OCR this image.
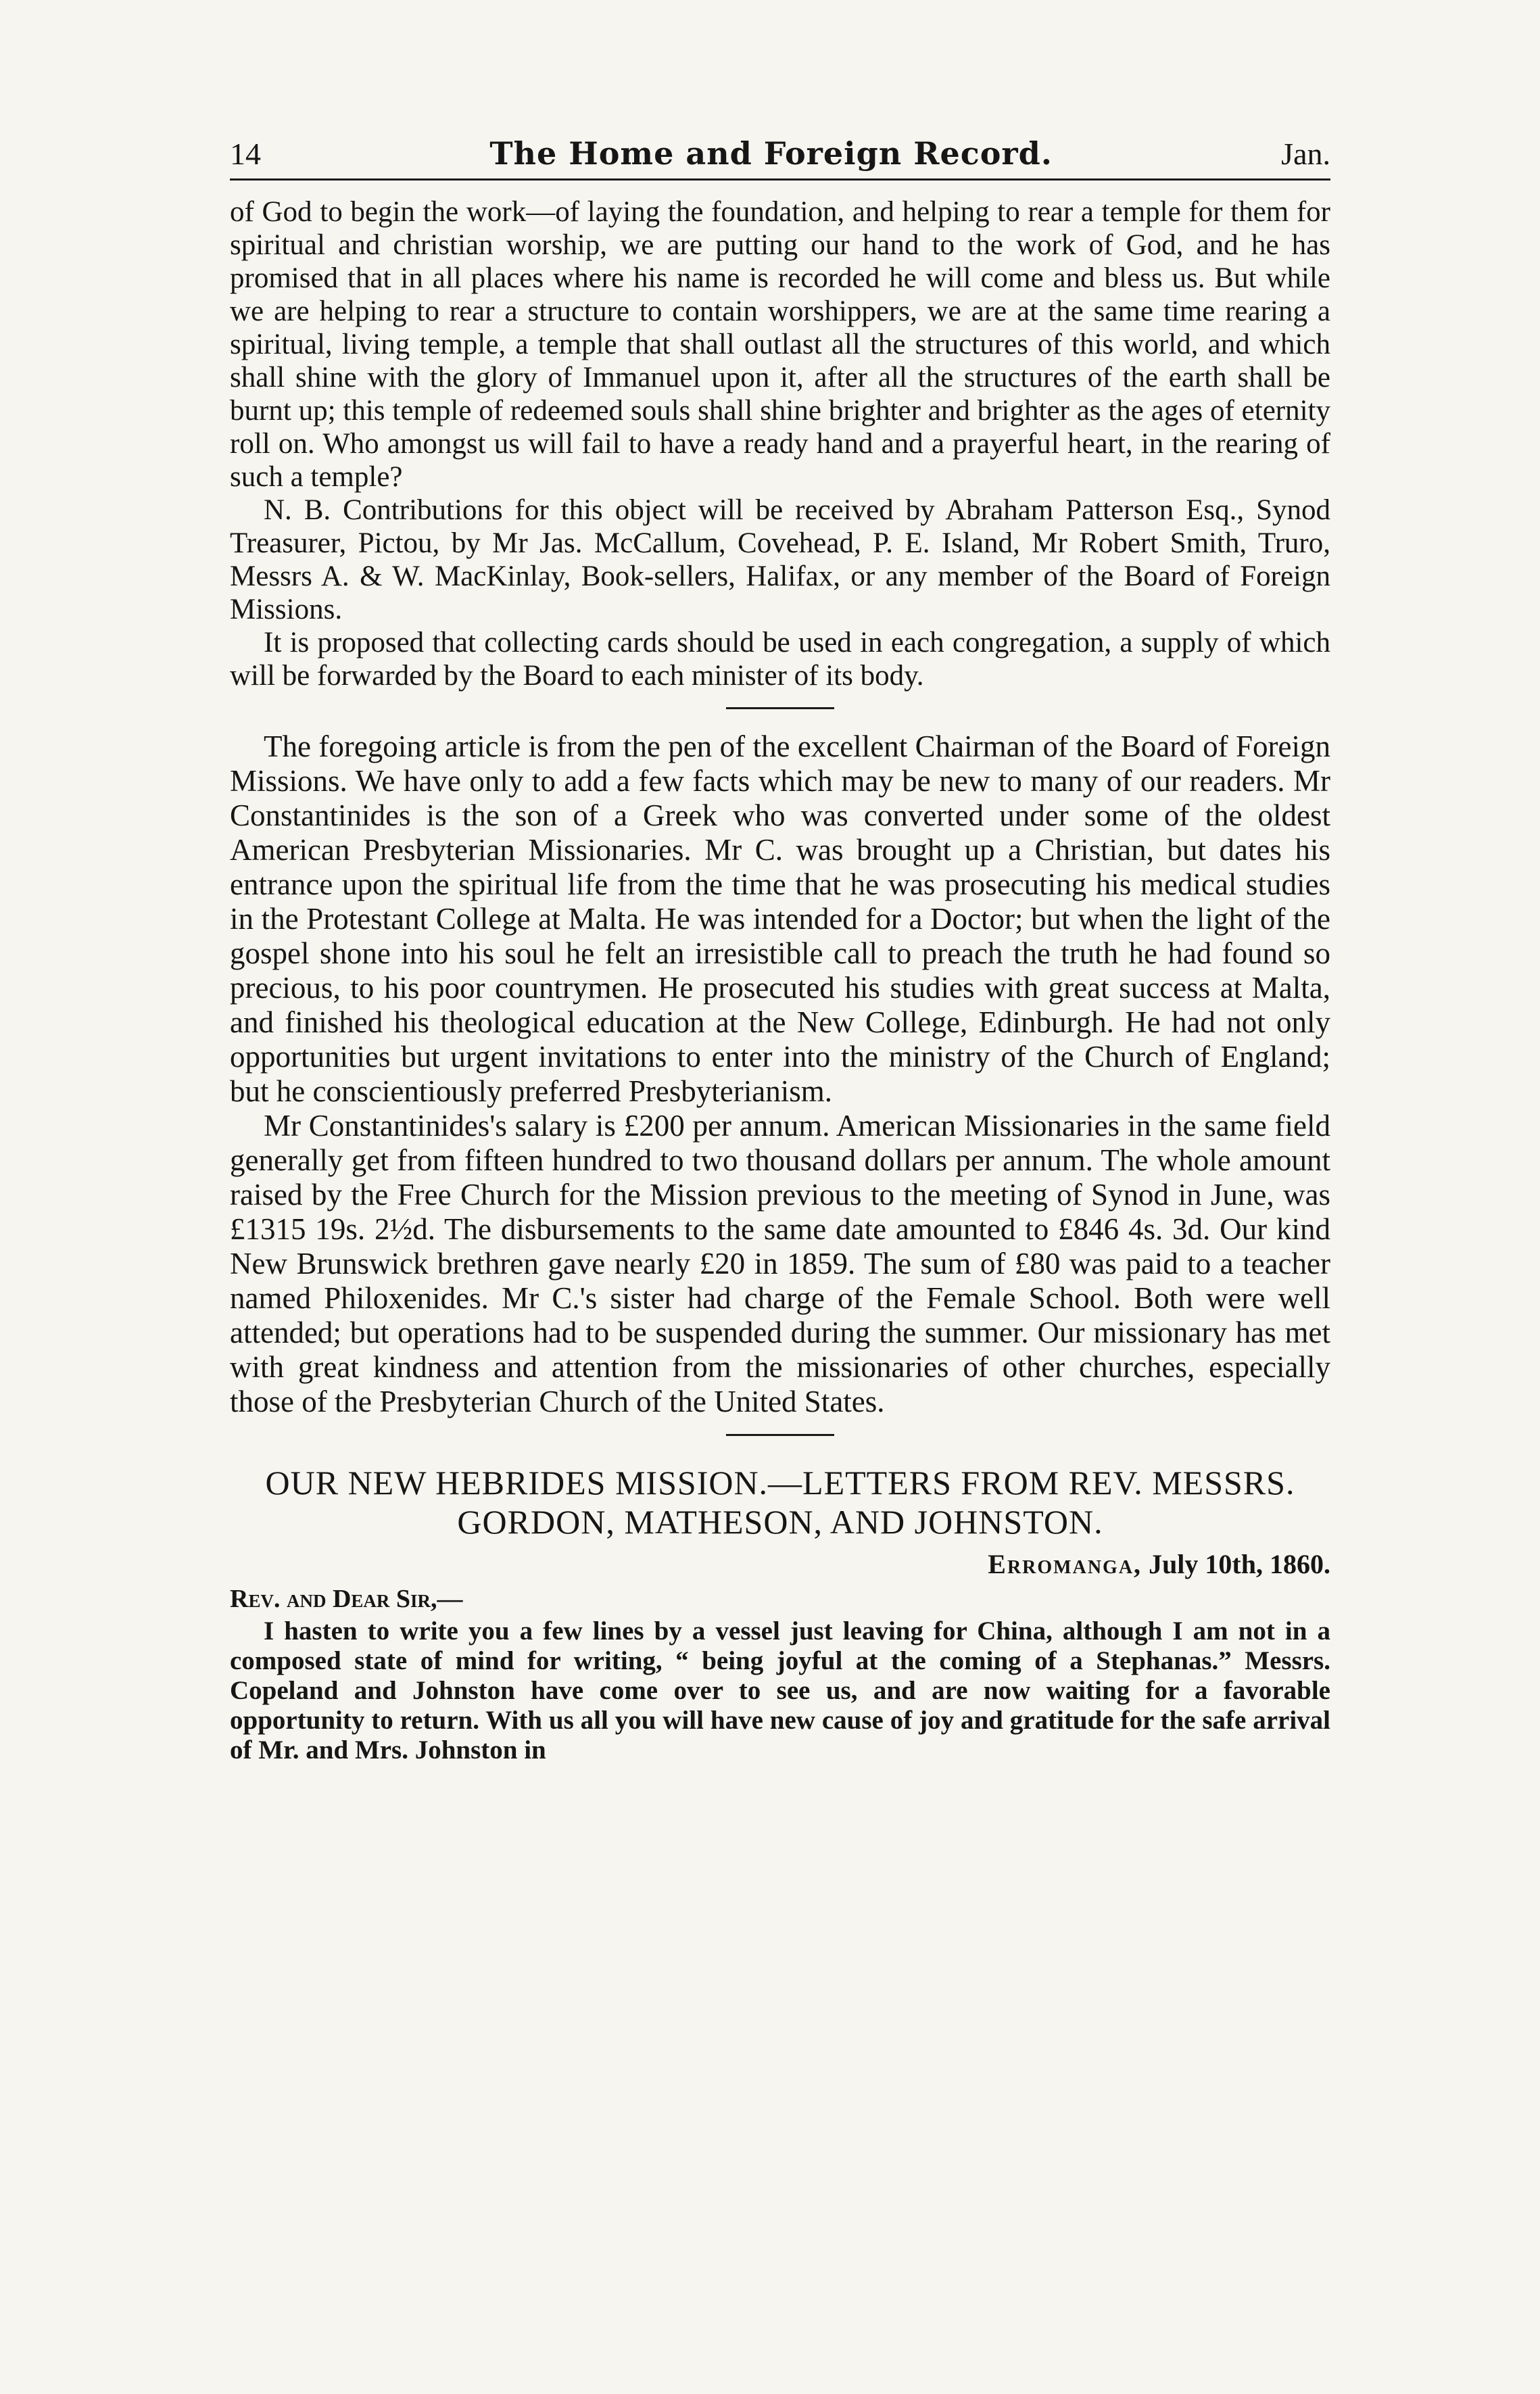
14	The Home and Foreign Record.	Jan.

of God to begin the work—of laying the foundation, and helping to rear a temple for them for spiritual and christian worship, we are putting our hand to the work of God, and he has promised that in all places where his name is recorded he will come and bless us. But while we are helping to rear a structure to contain worshippers, we are at the same time rearing a spiritual, living temple, a temple that shall outlast all the structures of this world, and which shall shine with the glory of Immanuel upon it, after all the structures of the earth shall be burnt up; this temple of redeemed souls shall shine brighter and brighter as the ages of eternity roll on. Who amongst us will fail to have a ready hand and a prayerful heart, in the rearing of such a temple?

N. B. Contributions for this object will be received by Abraham Patterson Esq., Synod Treasurer, Pictou, by Mr Jas. McCallum, Covehead, P. E. Island, Mr Robert Smith, Truro, Messrs A. & W. MacKinlay, Book-sellers, Halifax, or any member of the Board of Foreign Missions.

It is proposed that collecting cards should be used in each congregation, a supply of which will be forwarded by the Board to each minister of its body.

The foregoing article is from the pen of the excellent Chairman of the Board of Foreign Missions. We have only to add a few facts which may be new to many of our readers. Mr Constantinides is the son of a Greek who was converted under some of the oldest American Presbyterian Missionaries. Mr C. was brought up a Christian, but dates his entrance upon the spiritual life from the time that he was prosecuting his medical studies in the Protestant College at Malta. He was intended for a Doctor; but when the light of the gospel shone into his soul he felt an irresistible call to preach the truth he had found so precious, to his poor countrymen. He prosecuted his studies with great success at Malta, and finished his theological education at the New College, Edinburgh. He had not only opportunities but urgent invitations to enter into the ministry of the Church of England; but he conscientiously preferred Presbyterianism.

Mr Constantinides's salary is £200 per annum. American Missionaries in the same field generally get from fifteen hundred to two thousand dollars per annum. The whole amount raised by the Free Church for the Mission previous to the meeting of Synod in June, was £1315 19s. 2½d. The disbursements to the same date amounted to £846 4s. 3d. Our kind New Brunswick brethren gave nearly £20 in 1859. The sum of £80 was paid to a teacher named Philoxenides. Mr C.'s sister had charge of the Female School. Both were well attended; but operations had to be suspended during the summer. Our missionary has met with great kindness and attention from the missionaries of other churches, especially those of the Presbyterian Church of the United States.

OUR NEW HEBRIDES MISSION.—LETTERS FROM REV. MESSRS. GORDON, MATHESON, AND JOHNSTON.
Erromanga, July 10th, 1860.
Rev. and Dear Sir,—

I hasten to write you a few lines by a vessel just leaving for China, although I am not in a composed state of mind for writing, “ being joyful at the coming of a Stephanas.” Messrs. Copeland and Johnston have come over to see us, and are now waiting for a favorable opportunity to return. With us all you will have new cause of joy and gratitude for the safe arrival of Mr. and Mrs. Johnston in
